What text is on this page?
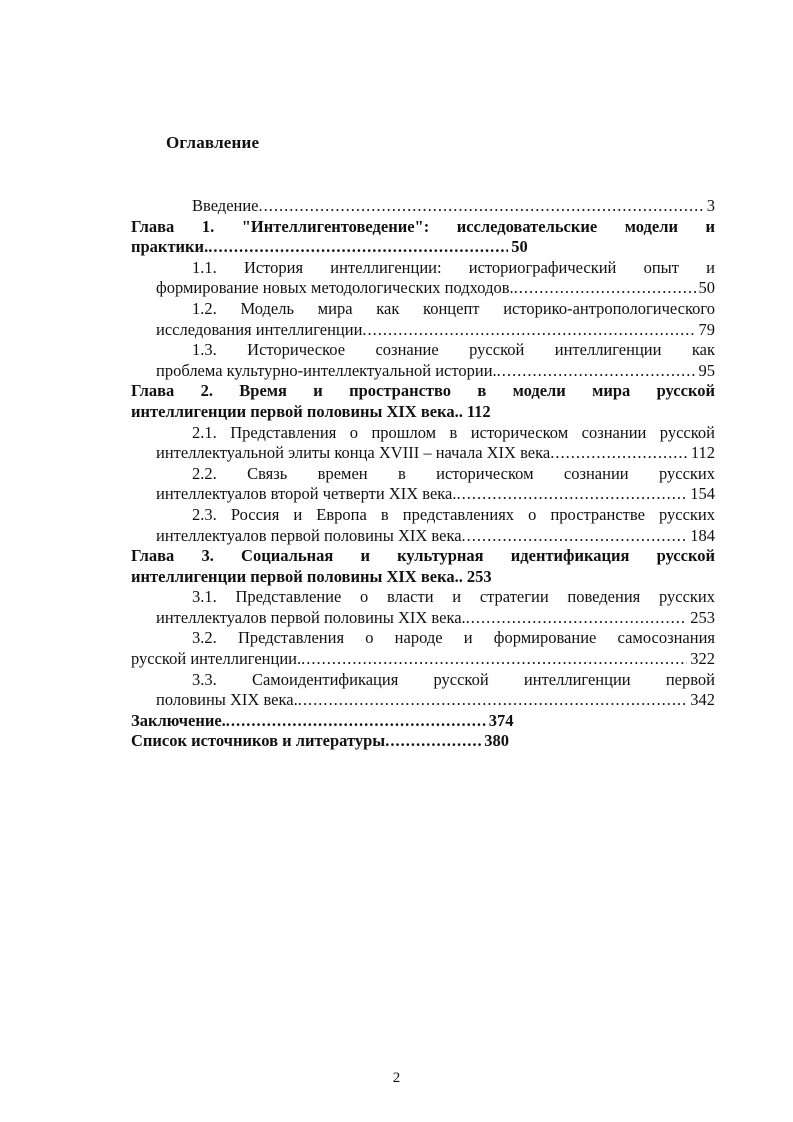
Оглавление
Введение .....	3
Глава 1. "Интеллигентоведение": исследовательские модели и
практики. .....	50
1.1. История интеллигенции: историографический опыт и
формирование новых методологических подходов. .....	50
1.2. Модель мира как концепт историко-антропологического
исследования интеллигенции .....	79
1.3. Историческое сознание русской интеллигенции как
проблема культурно-интеллектуальной истории. .....	95
Глава 2. Время и пространство в модели мира русской
интеллигенции первой половины XIX века.. 112
2.1. Представления о прошлом в историческом сознании русской
интеллектуальной элиты конца XVIII – начала XIX века .....	112
2.2. Связь времен в историческом сознании русских
интеллектуалов второй четверти XIX века. .....	154
2.3. Россия и Европа в представлениях о пространстве русских
интеллектуалов первой половины XIX века .....	184
Глава 3. Социальная и культурная идентификация русской
интеллигенции первой половины XIX века.. 253
3.1. Представление о власти и стратегии поведения русских
интеллектуалов первой половины XIX века. .....	253
3.2. Представления о народе и формирование самосознания
русской интеллигенции. .....	322
3.3. Самоидентификация русской интеллигенции первой
половины XIX века. .....	342
Заключение. .....	374
Список источников и литературы .....	380
2
